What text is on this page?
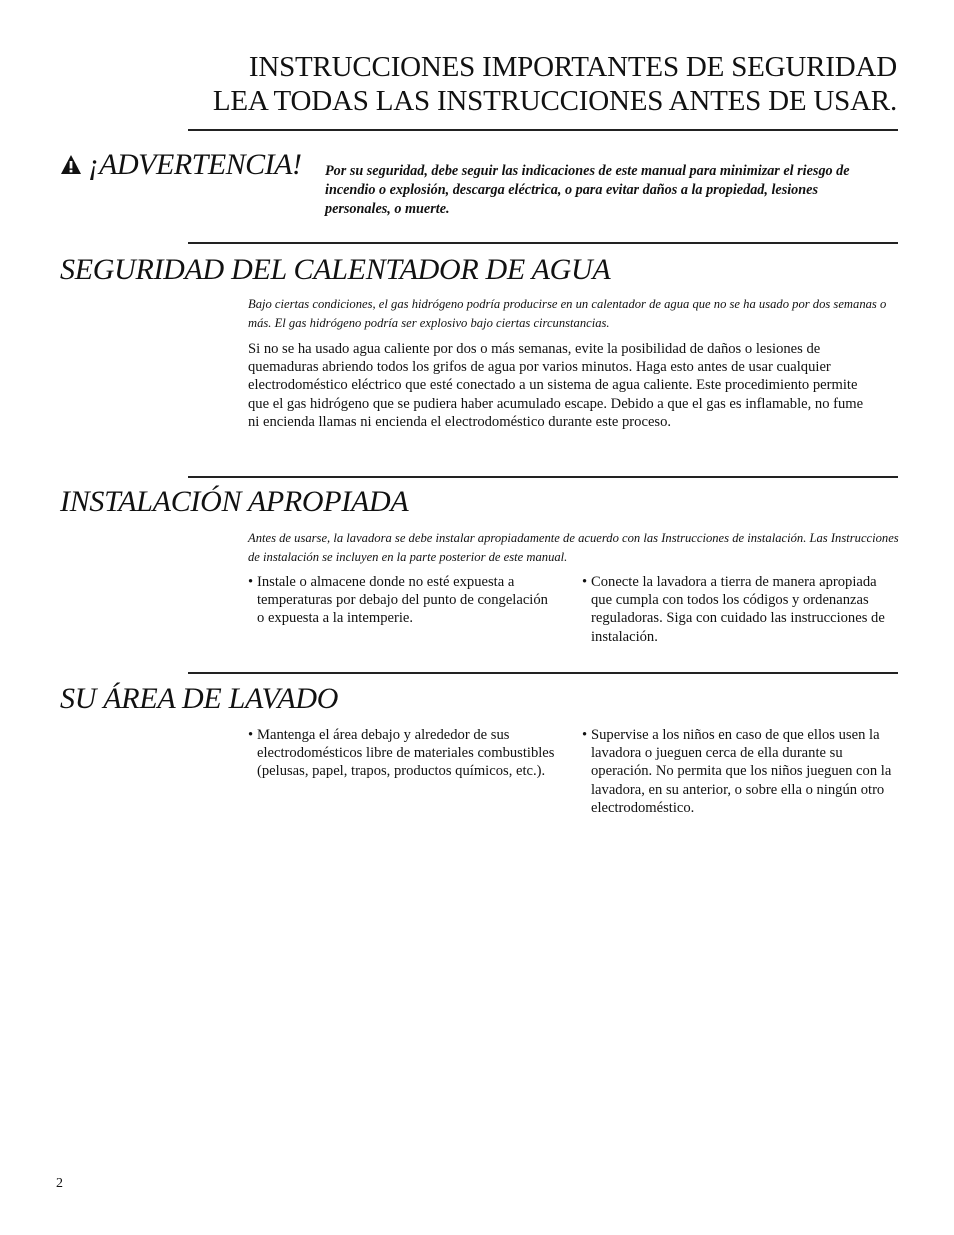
INSTRUCCIONES IMPORTANTES DE SEGURIDAD
LEA TODAS LAS INSTRUCCIONES ANTES DE USAR.
¡ADVERTENCIA! Por su seguridad, debe seguir las indicaciones de este manual para minimizar el riesgo de incendio o explosión, descarga eléctrica, o para evitar daños a la propiedad, lesiones personales, o muerte.
SEGURIDAD DEL CALENTADOR DE AGUA
Bajo ciertas condiciones, el gas hidrógeno podría producirse en un calentador de agua que no se ha usado por dos semanas o más. El gas hidrógeno podría ser explosivo bajo ciertas circunstancias.
Si no se ha usado agua caliente por dos o más semanas, evite la posibilidad de daños o lesiones de quemaduras abriendo todos los grifos de agua por varios minutos. Haga esto antes de usar cualquier electrodoméstico eléctrico que esté conectado a un sistema de agua caliente. Este procedimiento permite que el gas hidrógeno que se pudiera haber acumulado escape. Debido a que el gas es inflamable, no fume ni encienda llamas ni encienda el electrodoméstico durante este proceso.
INSTALACIÓN APROPIADA
Antes de usarse, la lavadora se debe instalar apropiadamente de acuerdo con las Instrucciones de instalación. Las Instrucciones de instalación se incluyen en la parte posterior de este manual.
• Instale o almacene donde no esté expuesta a temperaturas por debajo del punto de congelación o expuesta a la intemperie.
• Conecte la lavadora a tierra de manera apropiada que cumpla con todos los códigos y ordenanzas reguladoras. Siga con cuidado las instrucciones de instalación.
SU ÁREA DE LAVADO
• Mantenga el área debajo y alrededor de sus electrodomésticos libre de materiales combustibles (pelusas, papel, trapos, productos químicos, etc.).
• Supervise a los niños en caso de que ellos usen la lavadora o jueguen cerca de ella durante su operación. No permita que los niños jueguen con la lavadora, en su anterior, o sobre ella o ningún otro electrodoméstico.
2
